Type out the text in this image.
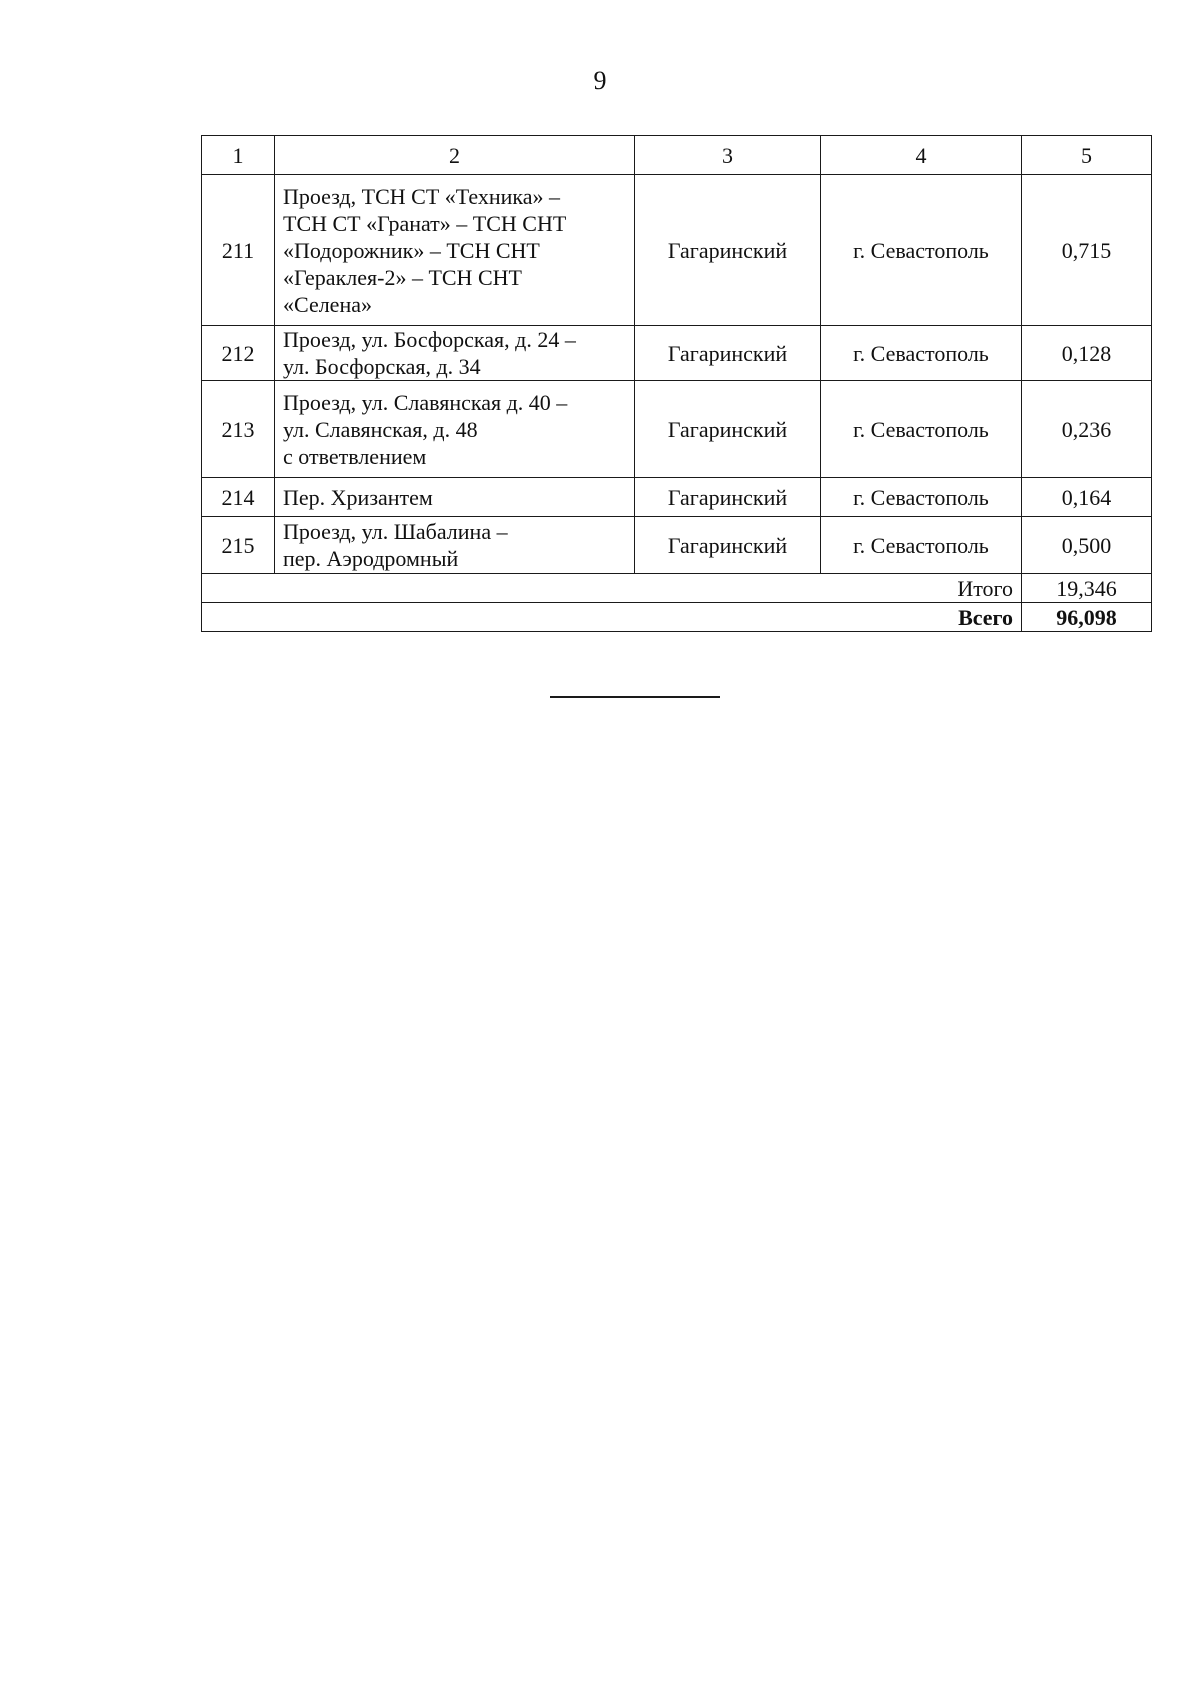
9
1	2	3	4	5
211	Проезд, ТСН СТ «Техника» –
ТСН СТ «Гранат» – ТСН СНТ
«Подорожник» – ТСН СНТ
«Гераклея-2» – ТСН СНТ
«Селена»	Гагаринский	г. Севастополь	0,715
212	Проезд, ул. Босфорская, д. 24 –
ул. Босфорская, д. 34	Гагаринский	г. Севастополь	0,128
213	Проезд, ул. Славянская д. 40 –
ул. Славянская, д. 48
с ответвлением	Гагаринский	г. Севастополь	0,236
214	Пер. Хризантем	Гагаринский	г. Севастополь	0,164
215	Проезд, ул. Шабалина –
пер. Аэродромный	Гагаринский	г. Севастополь	0,500
Итого				19,346
Всего				96,098
